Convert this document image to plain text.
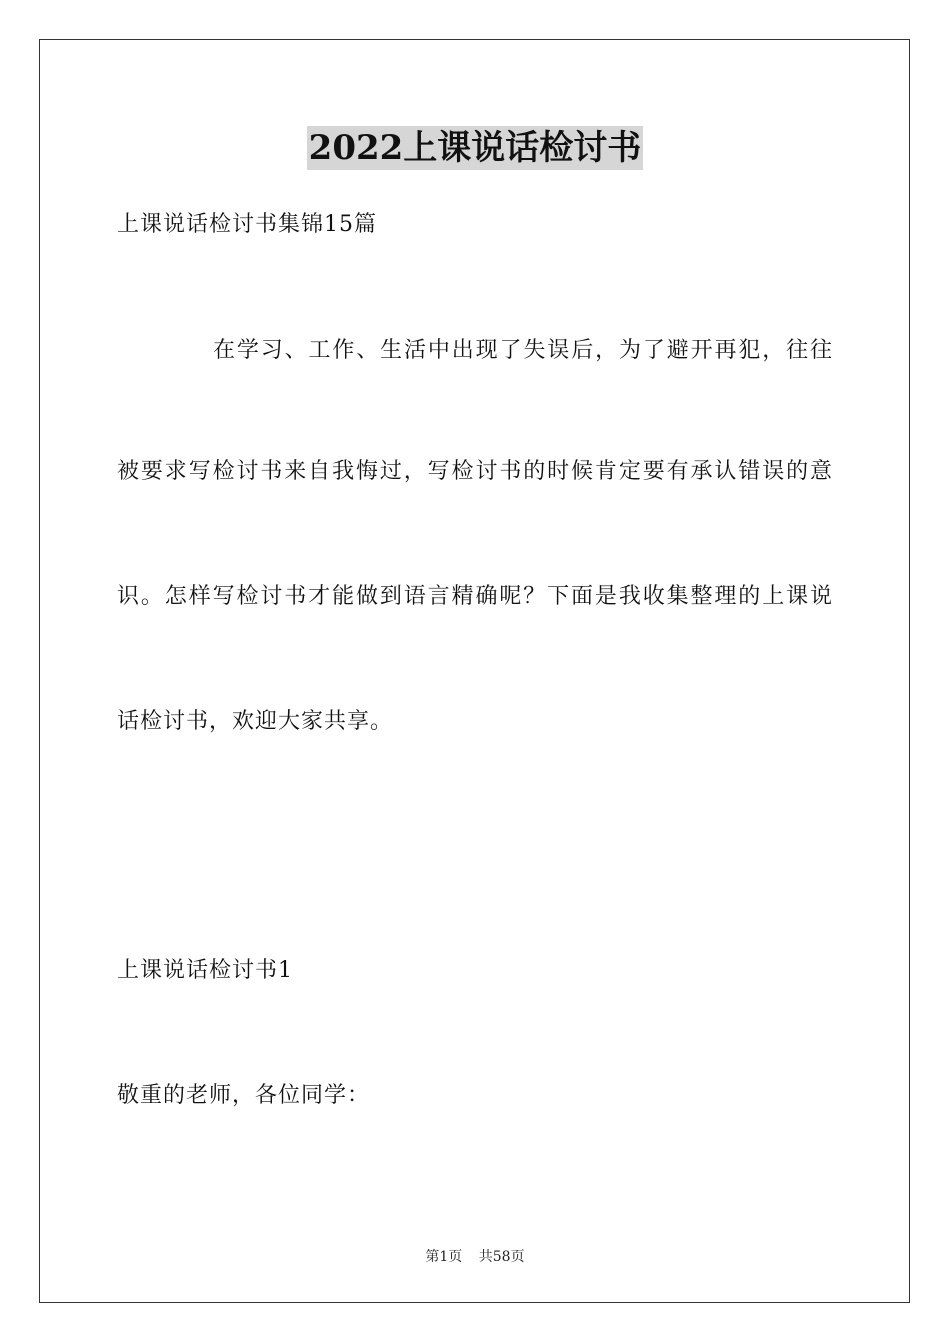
2022上课说话检讨书
上课说话检讨书集锦15篇
在学习、工作、生活中出现了失误后，为了避开再犯，往往
被要求写检讨书来自我悔过，写检讨书的时候肯定要有承认错误的意
识。怎样写检讨书才能做到语言精确呢？下面是我收集整理的上课说
话检讨书，欢迎大家共享。
上课说话检讨书1
敬重的老师，各位同学：
第1页 共58页
